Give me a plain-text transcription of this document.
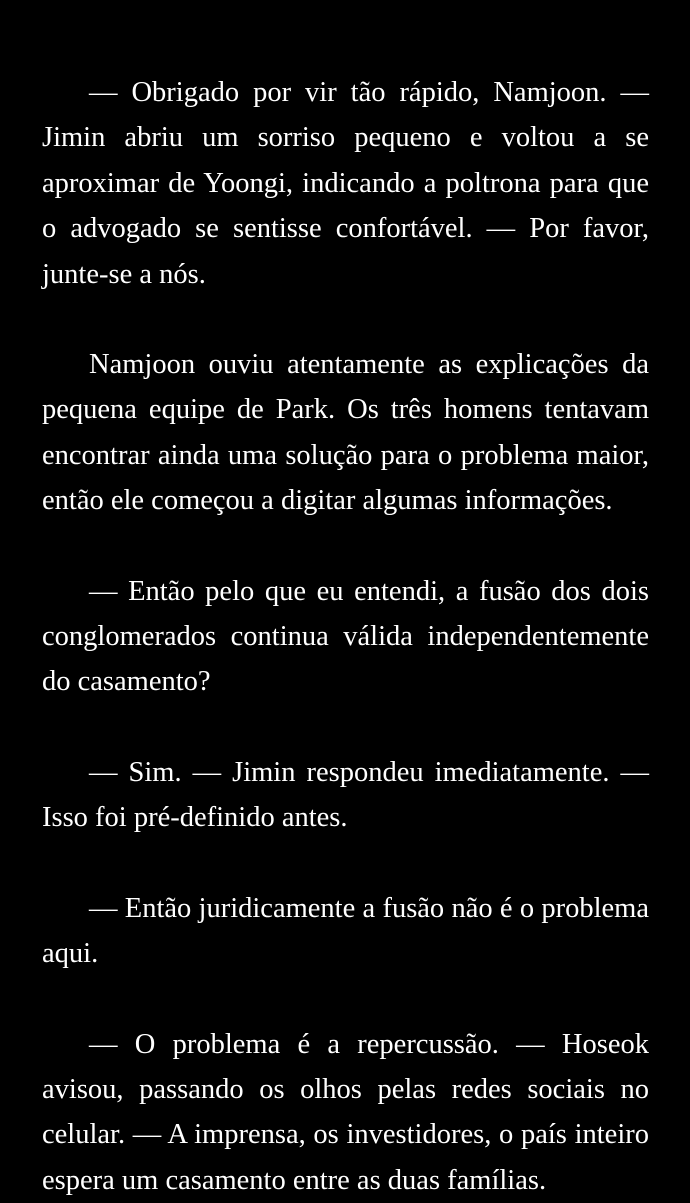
— Obrigado por vir tão rápido, Namjoon. — Jimin abriu um sorriso pequeno e voltou a se aproximar de Yoongi, indicando a poltrona para que o advogado se sentisse confortável. — Por favor, junte-se a nós.

Namjoon ouviu atentamente as explicações da pequena equipe de Park. Os três homens tentavam encontrar ainda uma solução para o problema maior, então ele começou a digitar algumas informações.

— Então pelo que eu entendi, a fusão dos dois conglomerados continua válida independentemente do casamento?

— Sim. — Jimin respondeu imediatamente. — Isso foi pré-definido antes.

— Então juridicamente a fusão não é o problema aqui.

— O problema é a repercussão. — Hoseok avisou, passando os olhos pelas redes sociais no celular. — A imprensa, os investidores, o país inteiro espera um casamento entre as duas famílias.
